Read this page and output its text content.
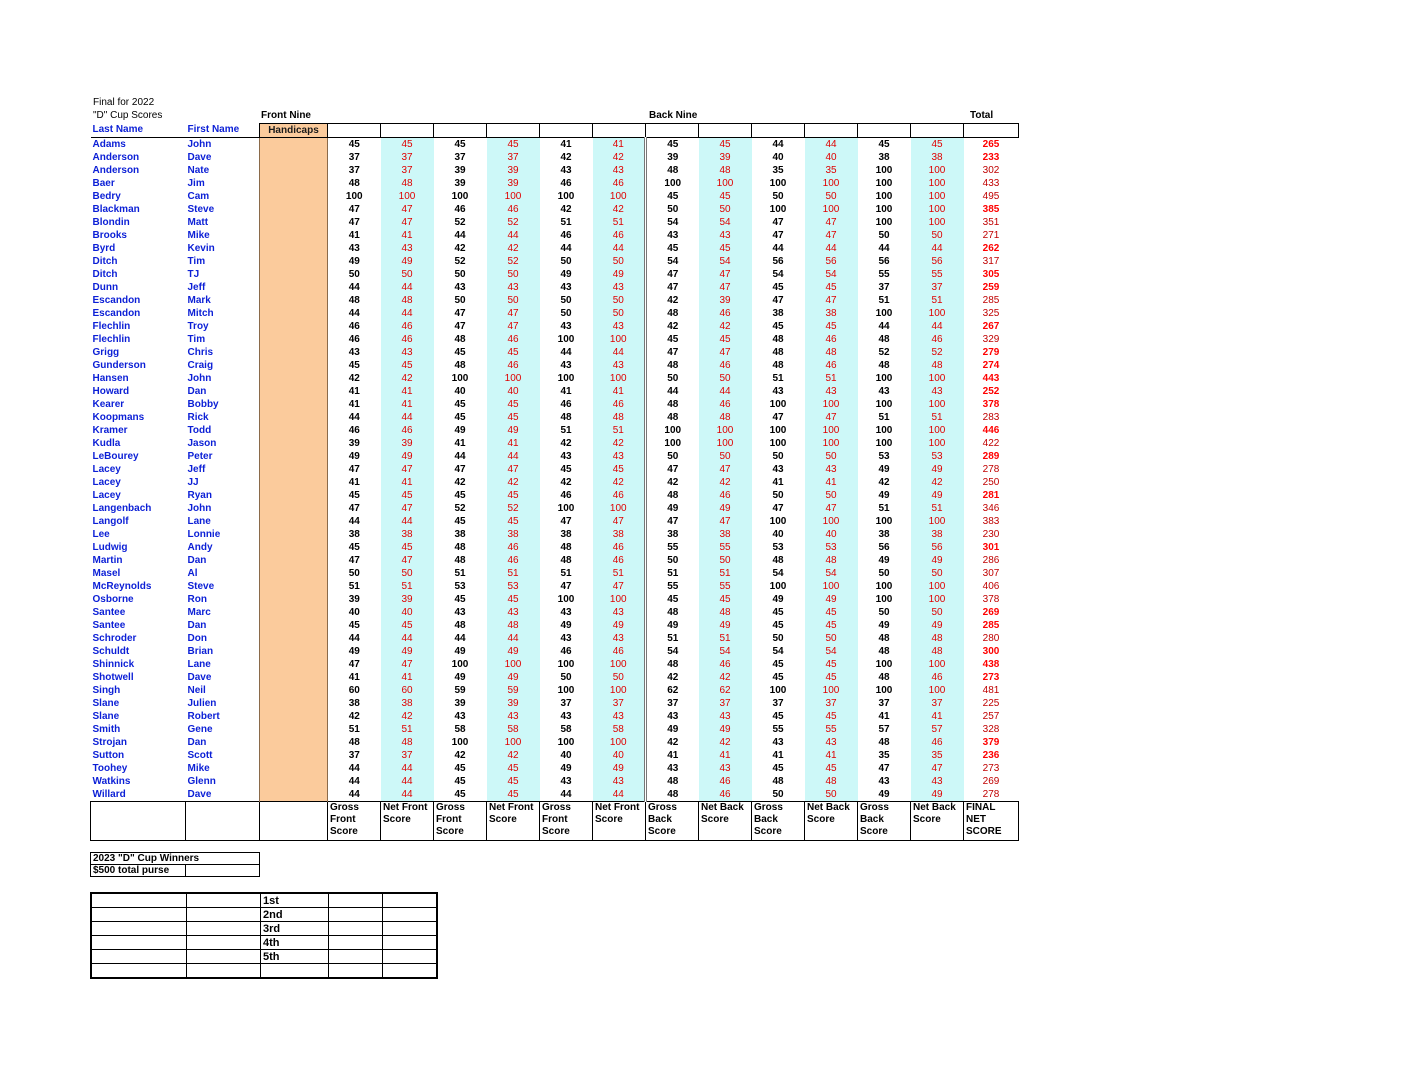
Final for 2022
"D" Cup Scores	Front Nine	Back Nine	Total
Last Name	First Name	Handicaps													
Adams	John		45	45	45	45	41	41	45	45	44	44	45	45	265
Anderson	Dave		37	37	37	37	42	42	39	39	40	40	38	38	233
Anderson	Nate		37	37	39	39	43	43	48	48	35	35	100	100	302
Baer	Jim		48	48	39	39	46	46	100	100	100	100	100	100	433
Bedry	Cam		100	100	100	100	100	100	45	45	50	50	100	100	495
Blackman	Steve		47	47	46	46	42	42	50	50	100	100	100	100	385
Blondin	Matt		47	47	52	52	51	51	54	54	47	47	100	100	351
Brooks	Mike		41	41	44	44	46	46	43	43	47	47	50	50	271
Byrd	Kevin		43	43	42	42	44	44	45	45	44	44	44	44	262
Ditch	Tim		49	49	52	52	50	50	54	54	56	56	56	56	317
Ditch	TJ		50	50	50	50	49	49	47	47	54	54	55	55	305
Dunn	Jeff		44	44	43	43	43	43	47	47	45	45	37	37	259
Escandon	Mark		48	48	50	50	50	50	42	39	47	47	51	51	285
Escandon	Mitch		44	44	47	47	50	50	48	46	38	38	100	100	325
Flechlin	Troy		46	46	47	47	43	43	42	42	45	45	44	44	267
Flechlin	Tim		46	46	48	46	100	100	45	45	48	46	48	46	329
Grigg	Chris		43	43	45	45	44	44	47	47	48	48	52	52	279
Gunderson	Craig		45	45	48	46	43	43	48	46	48	46	48	48	274
Hansen	John		42	42	100	100	100	100	50	50	51	51	100	100	443
Howard	Dan		41	41	40	40	41	41	44	44	43	43	43	43	252
Kearer	Bobby		41	41	45	45	46	46	48	46	100	100	100	100	378
Koopmans	Rick		44	44	45	45	48	48	48	48	47	47	51	51	283
Kramer	Todd		46	46	49	49	51	51	100	100	100	100	100	100	446
Kudla	Jason		39	39	41	41	42	42	100	100	100	100	100	100	422
LeBourey	Peter		49	49	44	44	43	43	50	50	50	50	53	53	289
Lacey	Jeff		47	47	47	47	45	45	47	47	43	43	49	49	278
Lacey	JJ		41	41	42	42	42	42	42	42	41	41	42	42	250
Lacey	Ryan		45	45	45	45	46	46	48	46	50	50	49	49	281
Langenbach	John		47	47	52	52	100	100	49	49	47	47	51	51	346
Langolf	Lane		44	44	45	45	47	47	47	47	100	100	100	100	383
Lee	Lonnie		38	38	38	38	38	38	38	38	40	40	38	38	230
Ludwig	Andy		45	45	48	46	48	46	55	55	53	53	56	56	301
Martin	Dan		47	47	48	46	48	46	50	50	48	48	49	49	286
Masel	Al		50	50	51	51	51	51	51	51	54	54	50	50	307
McReynolds	Steve		51	51	53	53	47	47	55	55	100	100	100	100	406
Osborne	Ron		39	39	45	45	100	100	45	45	49	49	100	100	378
Santee	Marc		40	40	43	43	43	43	48	48	45	45	50	50	269
Santee	Dan		45	45	48	48	49	49	49	49	45	45	49	49	285
Schroder	Don		44	44	44	44	43	43	51	51	50	50	48	48	280
Schuldt	Brian		49	49	49	49	46	46	54	54	54	54	48	48	300
Shinnick	Lane		47	47	100	100	100	100	48	46	45	45	100	100	438
Shotwell	Dave		41	41	49	49	50	50	42	42	45	45	48	46	273
Singh	Neil		60	60	59	59	100	100	62	62	100	100	100	100	481
Slane	Julien		38	38	39	39	37	37	37	37	37	37	37	37	225
Slane	Robert		42	42	43	43	43	43	43	43	45	45	41	41	257
Smith	Gene		51	51	58	58	58	58	49	49	55	55	57	57	328
Strojan	Dan		48	48	100	100	100	100	42	42	43	43	48	46	379
Sutton	Scott		37	37	42	42	40	40	41	41	41	41	35	35	236
Toohey	Mike		44	44	45	45	49	49	43	43	45	45	47	47	273
Watkins	Glenn		44	44	45	45	43	43	48	46	48	48	43	43	269
Willard	Dave		44	44	45	45	44	44	48	46	50	50	49	49	278
			Gross Front Score	Net Front Score	Gross Front Score	Net Front Score	Gross Front Score	Net Front Score	Gross Back Score	Net Back Score	Gross Back Score	Net Back Score	Gross Back Score	Net Back Score	FINAL NET SCORE
2023 "D" Cup Winners
$500 total purse	
		1st		
		2nd		
		3rd		
		4th		
		5th		
